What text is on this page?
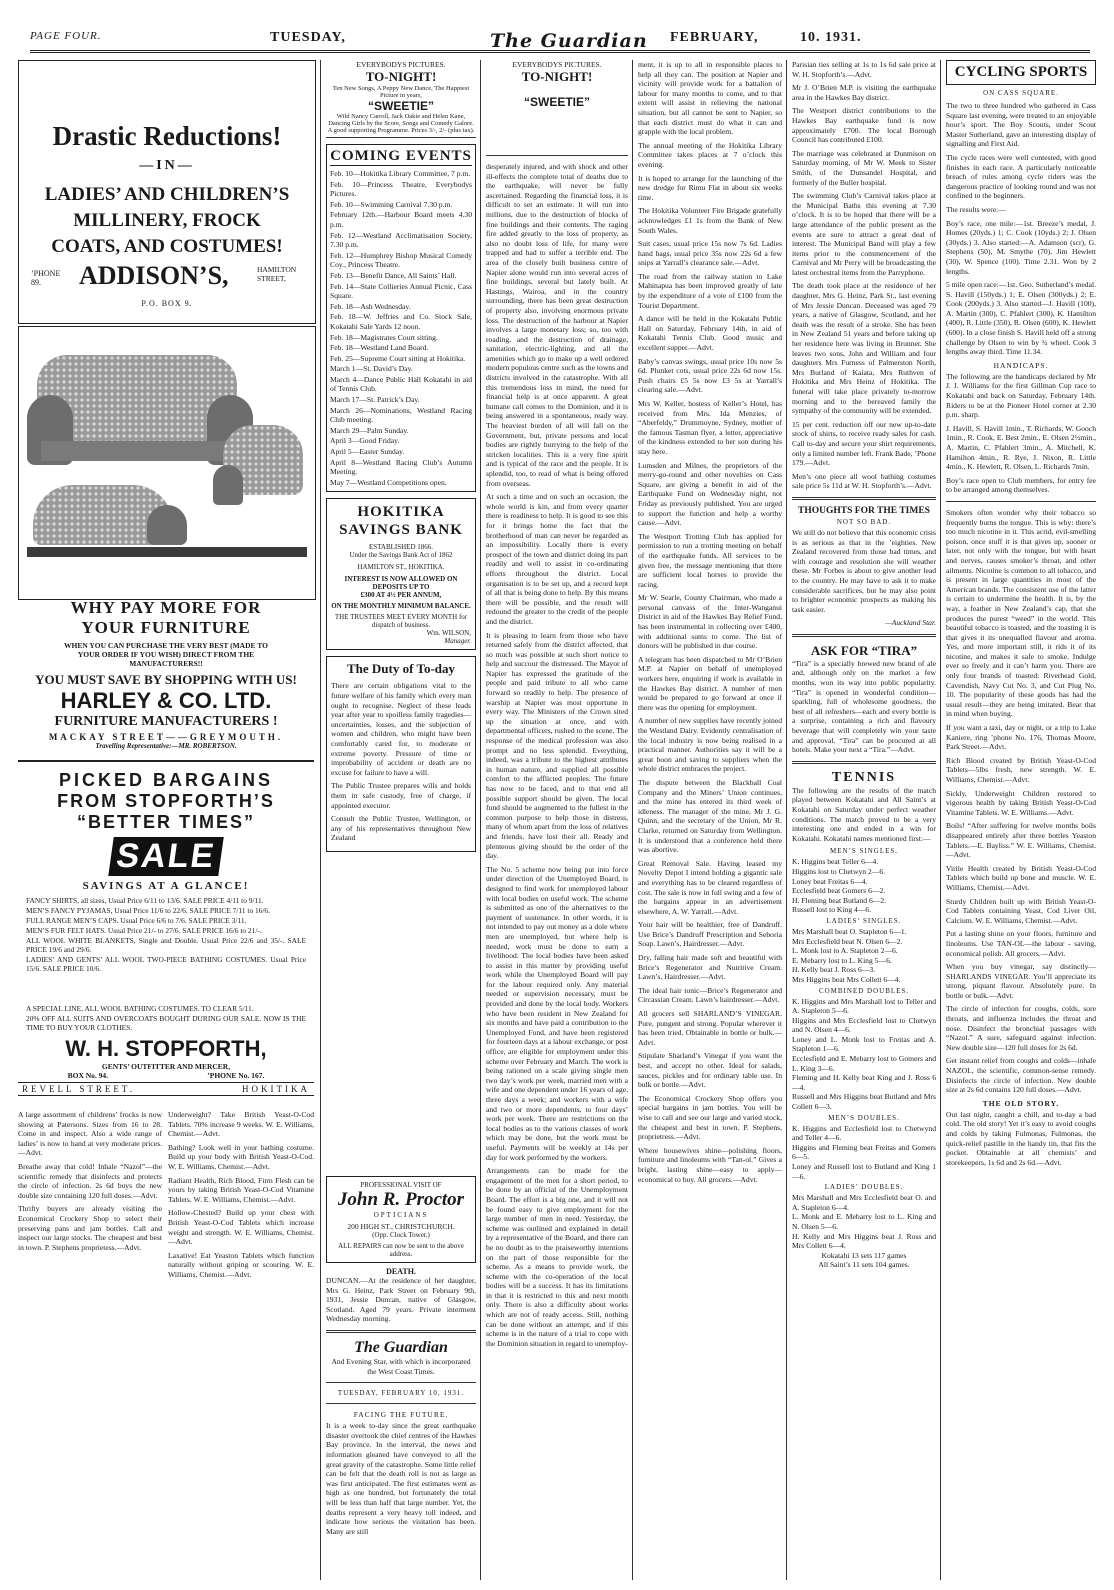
PAGE FOUR.	TUESDAY,	The Guardian FEBRUARY,	10. 1931.
Drastic Reductions!
—IN—
LADIES’ AND CHILDREN’S MILLINERY, FROCK COATS, AND COSTUMES!
’PHONE 89.	ADDISON’S,	HAMILTON STREET,
P.O. BOX 9.
WHY PAY MORE FOR
YOUR FURNITURE
WHEN YOU CAN PURCHASE THE VERY BEST (MADE TO YOUR ORDER IF YOU WISH) DIRECT FROM THE MANUFACTURERS!!
YOU MUST SAVE BY SHOPPING WITH US!
HARLEY & CO. LTD.
FURNITURE MANUFACTURERS !
MACKAY STREET——GREYMOUTH.
Travelling Representative:—MR. ROBERTSON.
PICKED BARGAINS
FROM STOPFORTH’S
“BETTER TIMES”
SALE
SAVINGS AT A GLANCE!

FANCY SHIRTS, all sizes, Usual Price 6/11 to 13/6. SALE PRICE 4/11 to 9/11.

MEN’S FANCY PYJAMAS, Usual Price 11/6 to 22/6. SALE PRICE 7/11 to 16/6.

FULL RANGE MEN’S CAPS. Usual Price 6/6 to 7/6. SALE PRICE 3/11.

MEN’S FUR FELT HATS. Usual Price 21/- to 27/6. SALE PRICE 16/6 to 21/-.

ALL WOOL WHITE BLANKETS, Single and Double. Usual Price 22/6 and 35/-. SALE PRICE 19/6 and 29/6.

LADIES’ AND GENTS’ ALL WOOL TWO-PIECE BATHING COSTUMES. Usual Price 15/6. SALE PRICE 10/6.

A SPECIAL LINE, ALL WOOL BATHING COSTUMES. TO CLEAR 5/11.

20% OFF ALL SUITS AND OVERCOATS BOUGHT DURING OUR SALE. NOW IS THE TIME TO BUY YOUR CLOTHES.

W. H. STOPFORTH,
GENTS’ OUTFITTER AND MERCER,
BOX No. 94.	’PHONE No. 167.
REVELL STREET.	HOKITIKA

A large assortment of childrens’ frocks is now showing at Patersons. Sizes from 16 to 28. Come in and inspect. Also a wide range of ladies’ is now to hand at very moderate prices.—Advt.

Breathe away that cold! Inhale “Nazol”—the scientific remedy that disinfects and protects the circle of infection. 2s 6d buys the new double size containing 120 full doses.—Advt.

Thrifty buyers are already visiting the Economical Crockery Shop to select their preserving pans and jam bottles. Call and inspect our large stocks. The cheapest and best in town. P. Stephens proprietess.—Advt.

Underweight? Take British Yeast-O-Cod Tablets. 70% increase 9 weeks. W. E. Williams, Chemist.—Advt.

Bathing? Look well in your bathing costume. Build up your body with British Yeast-O-Cod. W. E. Williams, Chemist.—Advt.

Radiant Health, Rich Blood, Firm Flesh can be yours by taking British Yeast-O-Cod Vitamine Tablets. W. E. Williams, Chemist.—Advt.

Hollow-Chested? Build up your chest with British Yeast-O-Cod Tablets which increase weight and strength. W. E. Williams, Chemist.—Advt.

Laxative! Eat Yeaston Tablets which function naturally without griping or scouring. W. E. Williams, Chemist.—Advt.

EVERYBODYS PICTURES.
TO-NIGHT!
Ten New Songs, A Peppy New Dance, The Happiest Picture in years,
“SWEETIE”
Wild Nancy Carroll, Jack Oakie and Helen Kane, Dancing Girls by the Score, Songs and Comedy Galore.
A good supporting Programme. Prices 3/-, 2/- (plus tax).
COMING EVENTS

Feb. 10—Hokitika Library Committee, 7 p.m.

Feb. 10—Princess Theatre, Everybodys Pictures.

Feb. 10—Swimming Carnival 7.30 p.m.

February 12th.—Harbour Board meets 4.30 p.m.

Feb. 12—Westland Acclimatisation Society, 7.30 p.m.

Feb. 12—Humphrey Bishop Musical Comedy Coy., Princess Theatre.

Feb. 13—Benefit Dance, All Saints’ Hall.

Feb. 14—State Collieries Annual Picnic, Cass Square.

Feb. 18—Ash Wednesday.

Feb. 18—W. Jeffries and Co. Stock Sale, Kokatahi Sale Yards 12 noon.

Feb. 18—Magistrates Court sitting.

Feb. 18—Westland Land Board.

Feb. 25—Supreme Court sitting at Hokitika.

March 1—St. David’s Day.

March 4—Dance Public Hall Kokatahi in aid of Tennis Club.

March 17—St. Patrick’s Day.

March 26—Nominations, Westland Racing Club meeting.

March 29—Palm Sunday.

April 3—Good Friday.

April 5—Easter Sunday.

April 8—Westland Racing Club’s Autumn Meeting.

May 7—Westland Competitions open.

HOKITIKA SAVINGS BANK
ESTABLISHED 1866.
Under the Savings Bank Act of 1862
HAMILTON ST., HOKITIKA.
INTEREST IS NOW ALLOWED ON DEPOSITS UP TO
£300 AT 4½ PER ANNUM,
ON THE MONTHLY MINIMUM BALANCE.
THE TRUSTEES MEET EVERY MONTH for dispatch of business.
Wm. WILSON,
Manager.
The Duty of To-day

There are certain obligations vital to the future welfare of his family which every man ought to recognise. Neglect of these leads year after year to spoilless family tragedies—uncertainties, losses, and the subjection of women and children, who might have been comfortably cared for, to moderate or extreme poverty. Pressure of time or improbability of accident or death are no excuse for failure to have a will.

The Public Trustee prepares wills and holds them in safe custody, free of charge, if appointed executor.

Consult the Public Trustee, Wellington, or any of his representatives throughout New Zealand

PROFESSIONAL VISIT OF
John R. Proctor
OPTICIANS
200 HIGH ST., CHRISTCHURCH.
(Opp. Clock Tower.)
ALL REPAIRS can now be sent to the above address.
DEATH.

DUNCAN.—At the residence of her daughter, Mrs G. Heinz, Park Street on February 9th, 1931, Jessie Duncan, native of Glasgow, Scotland. Aged 79 years. Private interment Wednesday morning.

The Guardian

And Evening Star, with which is incorporated the West Coast Times.

TUESDAY, FEBRUARY 10, 1931.
FACING THE FUTURE.

It is a week to-day since the great earthquake disaster overtook the chief centres of the Hawkes Bay province. In the interval, the news and information gleaned have conveyed to all the great gravity of the catastrophe. Some little relief can be felt that the death roll is not as large as was first anticipated. The first estimates went as high as one hundred, but fortunately the total will be less than half that large number. Yet, the deaths represent a very heavy toll indeed, and indicate how serious the visitation has been. Many are still

EVERYBODYS PICTURES.
TO-NIGHT!
“SWEETIE”

desperately injured, and with shock and other ill-effects the complete total of deaths due to the earthquake, will never be fully ascertained. Regarding the financial loss, it is difficult to set an estimate. It will run into millions, due to the destruction of blocks of fine buildings and their contents. The raging fire added greatly to the loss of property, as also no doubt loss of life, for many were trapped and had to suffer a terrible end. The area of the closely built business centre of Napier alone would run into several acres of fine buildings, several but lately built. At Hastings, Wairoa, and in the country surrounding, there has been great destruction of property also, involving enormous private loss. The destruction of the harbour at Napier involves a large monetary loss; so, too with roading, and the destruction of drainage, sanitation, electric-lighting, and all the amenities which go to make up a well ordered modern populous centre such as the towns and districts involved in the catastrophe. With all this tremendous loss in mind, the need for financial help is at once apparent. A great humane call comes to the Dominion, and it is being answered in a spontaneous, ready way. The heaviest burden of all will fall on the Government, but, private persons and local bodies are rightly hurrying to the help of the stricken localities. This is a very fine spirit and is typical of the race and the people. It is splendid, too, to read of what is being offered from overseas.

At such a time and on such an occasion, the whole world is kin, and from every quarter there is readiness to help. It is good to see this for it brings home the fact that the brotherhood of man can never be regarded as an impossibility. Locally there is every prospect of the town and district doing its part readily and well to assist in co-ordinating efforts throughout the district. Local organisation is to be set up, and a record kept of all that is being done to help. By this means there will be possible, and the result will redound the greater to the credit of the people and the district.

It is pleasing to learn from those who have returned safely from the district affected, that so much was possible at such short notice to help and succour the distressed. The Mayor of Napier has expressed the gratitude of the people and paid tribute to all who came forward so readily to help. The presence of warship at Napier was most opportune in every way. The Ministers of the Crown sited up the situation at once, and with departmental officers, rushed to the scene. The response of the medical profession was also prompt and no less splendid. Everything, indeed, was a tribute to the highest attributes in human nature, and supplied all possible comfort to the afflicted peoples. The future has now to be faced, and to that end all possible support should be given. The local fund should be augmented to the fullest in the common purpose to help those in distress, many of whom apart from the loss of relatives and friends, have lost their all. Ready and plenteous giving should be the order of the day.

The No. 5 scheme now being put into force under direction of the Unemployed Board, is designed to find work for unemployed labour with local bodies on useful work. The scheme is submitted as one of the alternatives to the payment of sustenance. In other words, it is not intended to pay out money as a dole where men are unemployed, but where help is needed, work must be done to earn a livelihood. The local bodies have been asked to assist in this matter by providing useful work while the Unemployed Board will pay for the labour required only. Any material needed or supervision necessary, must be provided and done by the local body. Workers who have been resident in New Zealand for six months and have paid a contribution to the Unemployed Fund, and have been registered for fourteen days at a labour exchange, or post office, are eligible for employment under this scheme over February and March. The work is being rationed on a scale giving single men two day’s work per week, married men with a wife and one dependent under 16 years of age, three days a week; and workers with a wife and two or more dependents, to four days’ work per week. There are restrictions on the local bodies as to the various classes of work which may be done, but the work must be useful. Payments will be weekly at 14s per day for work performed by the workers.

Arrangements can be made for the engagement of the men for a short period, to be done by an official of the Unemployment Board. The effort is a big one, and it will not be found easy to give employment for the large number of men in need. Yesterday, the scheme was outlined and explained in detail by a representative of the Board, and there can be no doubt as to the praiseworthy intentions on the part of those responsible for the scheme. As a means to provide work, the scheme with the co-operation of the local bodies will be a success. It has its limitations in that it is restricted to this and next month only. There is also a difficulty about works which are not of ready access. Still, nothing can be done without an attempt, and if this scheme is in the nature of a trial to cope with the Dominion situation in regard to unemploy-

ment, it is up to all in responsible places to help all they can. The position at Napier and vicinity will provide work for a battalion of labour for many months to come, and to that extent will assist in relieving the national situation, but all cannot be sent to Napier, so that each district must do what it can and grapple with the local problem.

The annual meeting of the Hokitika Library Committee takes places at 7 o’clock this evening.

It is hoped to arrange for the launching of the new dredge for Rimu Flat in about six weeks time.

The Hokitika Volunteer Fire Brigade gratefully acknowledges £1 1s from the Bank of New South Wales.

Suit cases, usual price 15s now 7s 6d. Ladies hand bags, usual price 35s now 22s 6d a few snips at Yarrall’s clearance sale.—Advt.

The road from the railway station to Lake Mahinapua has been improved greatly of late by the expenditure of a vote of £100 from the Tourist Department.

A dance will be held in the Kokatahi Public Hall on Saturday, February 14th, in aid of Kokatahi Tennis Club. Good music and excellent supper.—Advt.

Baby’s canvas swings, usual price 10s now 5s 6d. Plunket cots, usual price 22s 6d now 15s. Push chairs £5 5s now £3 5s at Yarrall’s clearing sale.—Advt.

Mrs W. Keller, hostess of Keller’s Hotel, has received from Mrs. Ida Menzies, of “Aberfeldy,” Drummoyne, Sydney, mother of the famous Tasman flyer, a letter, appreciative of the kindness extended to her son during his stay here.

Lumsden and Milnes, the proprietors of the merry-go-round and other novelties on Cass Square, are giving a benefit in aid of the Earthquake Fund on Wednesday night, not Friday as previously published. You are urged to support the function and help a worthy cause.—Advt.

The Westport Trotting Club has applied for permission to run a trotting meeting on behalf of the earthquake funds. All services to be given free, the message mentioning that there are sufficient local horses to provide the racing.

Mr W. Searle, County Chairman, who made a personal canvass of the Inter-Wanganui District in aid of the Hawkes Bay Relief Fund, has been instrumental in collecting over £400, with additional sums to come. The list of donors will be published in due course.

A telegram has been dispatched to Mr O’Brien M.P. at Napier on behalf of unemployed workers here, enquiring if work is available in the Hawkes Bay district. A number of men would be prepared to go forward at once if there was the opening for employment.

A number of new supplies have recently joined the Westland Dairy. Evidently centralisation of the local industry is now being realised in a practical manner. Authorities say it will be a great boon and saving to suppliers when the whole district embraces the project.

The dispute between the Blackball Coal Company and the Miners’ Union continues, and the mine has entered its third week of idleness. The manager of the mine, Mr J. G. Quinn, and the secretary of the Union, Mr R. Clarke, returned on Saturday from Wellington. It is understood that a conference held there was abortive.

Great Removal Sale. Having leased my Novelty Depot I intend holding a gigantic sale and everything has to be cleared regardless of cost. The sale is now in full swing and a few of the bargains appear in an advertisement elsewhere, A. W. Yarrall.—Advt.

Your hair will be healthier, free of Dandruff. Use Brice’s Dandruff Prescription and Seboria Soap. Lawn’s, Hairdresser.—Advt.

Dry, falling hair made soft and beautiful with Brice’s Regenerator and Nutritive Cream. Lawn’s, Hairdresser.—Advt.

The ideal hair tonic—Brice’s Regenerator and Circassian Cream. Lawn’s hairdresser.—Advt.

All grocers sell SHARLAND’S VINEGAR. Pure, pungent and strong. Popular wherever it has been tried. Obtainable in bottle or bulk.—Advt.

Stipulate Sharland’s Vinegar if you want the best, and accept no other. Ideal for salads, sauces, pickles and for ordinary table use. In bulk or bottle.—Advt.

The Economical Crockery Shop offers you special bargains in jam bottles. You will be wise to call and see our large and varied stock, the cheapest and best in town. P. Stephens, proprietress.—Advt.

Where housewives shine—polishing floors, furniture and linoleums with “Tan-ol.” Gives a bright, lasting shine—easy to apply—economical to buy. All grocers.—Advt.

Parisian ties selling at 1s to 1s 6d sale price at W. H. Stopforth’s.—Advt.

Mr J. O’Brien M.P. is visiting the earthquake area in the Hawkes Bay district.

The Westport district contributions to the Hawkes Bay earthquake fund is now approximately £700. The local Borough Council has contributed £100.

The marriage was celebrated at Dunmison on Saturday morning, of Mr W. Meek to Sister Smith, of the Dunsandel Hospital, and formerly of the Buller hospital.

The swimming Club’s Carnival takes place at the Municipal Baths this evening at 7.30 o’clock. It is to be hoped that there will be a large attendance of the public present as the events are sure to attract a great deal of interest. The Municipal Band will play a few items prior to the commencement of the Carnival and Mr Perry will be broadcasting the latest orchestral items from the Parryphone.

The death took place at the residence of her daughter, Mrs G. Heinz, Park St., last evening of Mrs Jessie Duncan. Deceased was aged 79 years, a native of Glasgow, Scotland, and her death was the result of a stroke. She has been in New Zealand 51 years and before taking up her residence here was living in Brunner. She leaves two sons, John and William and four daughters Mrs Furness of Palmerston North, Mrs Burland of Kaiata, Mrs Ruthven of Hokitika and Mrs Heinz of Hokitika. The funeral will take place privately to-morrow morning and to the bereaved family the sympathy of the community will be extended.

15 per cent. reduction off our new up-to-date stock of shirts, to receive ready sales for cash. Call to-day and secure your shirt requirements, only a limited number left. Frank Bade, ’Phone 179.—Advt.

Men’s one piece all wool bathing costumes sale price 5s 11d at W. H. Stopforth’s.—Advt.

THOUGHTS FOR THE TIMES
NOT SO BAD.

We still do not believe that this economic crisis is as serious as that in the ’eighties. New Zealand recovered from those bad times, and with courage and resolution she will weather these. Mr Forbes is about to give another lead to the country. He may have to ask it to make considerable sacrifices, but he may also point to brighter economic prospects as making his task easier.

—Auckland Star.

ASK FOR “TIRA”

“Tira” is a specially brewed new brand of ale and, although only on the market a few months, won its way into public popularity. “Tira” is opened in wonderful condition—sparkling, full of wholesome goodness, the best of all refreshers—each and every bottle is a surprise, containing a rich and flavoury beverage that will completely win your taste and approval. “Tira” can be procured at all hotels. Make your next a “Tira.”—Advt.

TENNIS

The following are the results of the match played between Kokatahi and All Saint’s at Kokatahi on Saturday under perfect weather conditions. The match proved to be a very interesting one and ended in a win for Kokatahi. Kokatahi names mentioned first:—

MEN’S SINGLES.

K. Higgins beat Teller 6—4.

Higgins lost to Chetwyn 2—6.

Loney beat Freitas 6—4.

Ecclesfield beat Gomers 6—2.

H. Fleming beat Butland 6—2.

Russell lost to King 4—6.

LADIES’ SINGLES.

Mrs Marshall beat O. Stapleton 6—1.

Mrs Ecclesfield beat N. Olsen 6—2.

L. Monk lost to A. Stapleton 2—6.

E. Mebarry lost to L. King 5—6.

H. Kelly beat J. Ross 6—3.

Mrs Higgins beat Mrs Collett 6—4.

COMBINED DOUBLES.

K. Higgins and Mrs Marshall lost to Teller and A. Stapleton 5—6.

Higgins and Mrs Ecclesfield lost to Chetwyn and N. Olsen 4—6.

Loney and L. Monk lost to Freitas and A. Stapleton 1—6.

Ecclesfield and E. Mebarry lost to Gomers and L. King 3—6.

Fleming and H. Kelly beat King and J. Ross 6—4.

Russell and Mrs Higgins beat Butland and Mrs Collett 6—3.

MEN’S DOUBLES.

K. Higgins and Ecclesfield lost to Chetwynd and Teller 4—6.

Higgins and Fleming beat Freitas and Gomers 6—5.

Loney and Russell lost to Butland and King 1—6.

LADIES’ DOUBLES.

Mrs Marshall and Mrs Ecclesfield beat O. and A. Stapleton 6—4.

L. Monk and E. Mebarry lost to L. King and N. Olsen 5—6.

H. Kelly and Mrs Higgins beat J. Ross and Mrs Collett 6—4.

Kokatahi 13 sets 117 games

All Saint’s 11 sets 104 games.

CYCLING SPORTS
ON CASS SQUARE.

The two to three hundred who gathered in Cass Square last evening, were treated to an enjoyable hour’s sport. The Boy Scouts, under Scout Master Sutherland, gave an interesting display of signalling and First Aid.

The cycle races were well contested, with good finishes in each race. A particularly noticeable breach of rules among cycle riders was the dangerous practice of looking round and was not confined to the beginners.

The results were:—

Boy’s race, one mile:—1st. Breeze’s medal, J. Homes (20yds.) 1; C. Cook (10yds.) 2; J. Olsen (30yds.) 3. Also started:—A. Adamson (scr), G. Stephens (50), M. Smythe (70), Jim Hewlett (30), W. Spence (100). Time 2.31. Won by 2 lengths.

5 mile open race:—1st. Geo. Sutherland’s medal. S. Havill (150yds.) 1; E. Olsen (300yds.) 2; E. Cook (200yds.) 3. Also started—J. Havill (100), A. Martin (300), C. Pfahlert (300), K. Hamilton (400), R. Little (350), R. Olsen (600), K. Hewlett (600). In a close finish S. Havill held off a strong challenge by Olsen to win by ¾ wheel. Cook 3 lengths away third. Time 11.34.

HANDICAPS.

The following are the handicaps declared by Mr J. J. Williams for the first Gillman Cup race to Kokatahi and back on Saturday, February 14th. Riders to be at the Pioneer Hotel corner at 2.30 p.m. sharp.

J. Havill, S. Havill 1min., T. Richards, W. Gooch 1min., R. Cook, E. Best 2min., E. Olsen 2½min., A. Martin, C. Pfahlert 3min., A. Mitchell, K. Hamilton 4min., R. Rye, J. Nixon, R. Little 4min., K. Hewlett, R. Olsen, L. Richards 7min.

Boy’s race open to Club members, for entry fee to be arranged among themselves.

Smokers often wonder why their tobacco so frequently burns the tongue. This is why: there’s too much nicotine in it. This acrid, evil-smelling poison, once stuff it is that gives up, sooner or later, not only with the tongue, but with heart and nerves, causes smoker’s throat, and other ailments. Nicotine is common to all tobacco, and is present in large quantities in most of the American brands. The consistent use of the latter is certain to undermine the health. It is, by the way, a feather in New Zealand’s cap, that she produces the purest “weed” in the world. This beautiful tobacco is toasted, and the toasting it is that gives it its unequalled flavour and aroma. Yes, and more important still, it rids it of its nicotine, and makes it safe to smoke. Indulge ever so freely and it can’t harm you. There are only four brands of toasted: Riverhead Gold, Cavendish, Navy Cut No. 3, and Cut Plug No. 10. The popularity of these goods has had the usual result—they are being imitated. Bear that in mind when buying.

If you want a taxi, day or night, or a trip to Lake Kaniere, ring ’phone No. 176, Thomas Moore, Park Street.—Advt.

Rich Blood created by British Yeast-O-Cod Tablets—5lbs fresh, new strength. W. E. Williams, Chemist.—Advt.

Sickly, Underweight Children restored to vigorous health by taking British Yeast-O-Cod Vitamine Tablets. W. E. Williams.—Advt.

Boils! “After suffering for twelve months boils disappeared entirely after three bottles Yeaston Tablets.—E. Bayliss.” W. E. Williams, Chemist.—Advt.

Virile Health created by British Yeast-O-Cod Tablets which build up bone and muscle. W. E. Williams, Chemist.—Advt.

Sturdy Children built up with British Yeast-O-Cod Tablets containing Yeast, Cod Liver Oil, Calcium. W. E. Williams, Chemist.—Advt.

Put a lasting shine on your floors, furniture and linoleums. Use TAN-OL—the labour - saving, economical polish. All grocers.—Advt.

When you buy vinegar, say distinctly—SHARLANDS VINEGAR. You’ll appreciate its strong, piquant flavour. Absolutely pure. In bottle or bulk.—Advt.

The circle of infection for coughs, colds, sore throats, and influenza includes the throat and nose. Disinfect the bronchial passages with “Nazol.” A sure, safeguard against infection. New double size—120 full doses for 2s 6d.

Get instant relief from coughs and colds—inhale NAZOL, the scientific, common-sense remedy. Disinfects the circle of infection. New double size at 2s 6d contains 120 full doses.—Advt.

THE OLD STORY.

Out last night, caught a chill, and to-day a bad cold. The old story! Yet it’s easy to avoid coughs and colds by taking Fulmonas, Fulmonas, the quick-relief pastille in the handy tin, that fits the pocket. Obtainable at all chemists’ and storekeepers, 1s 6d and 2s 6d.—Advt.
